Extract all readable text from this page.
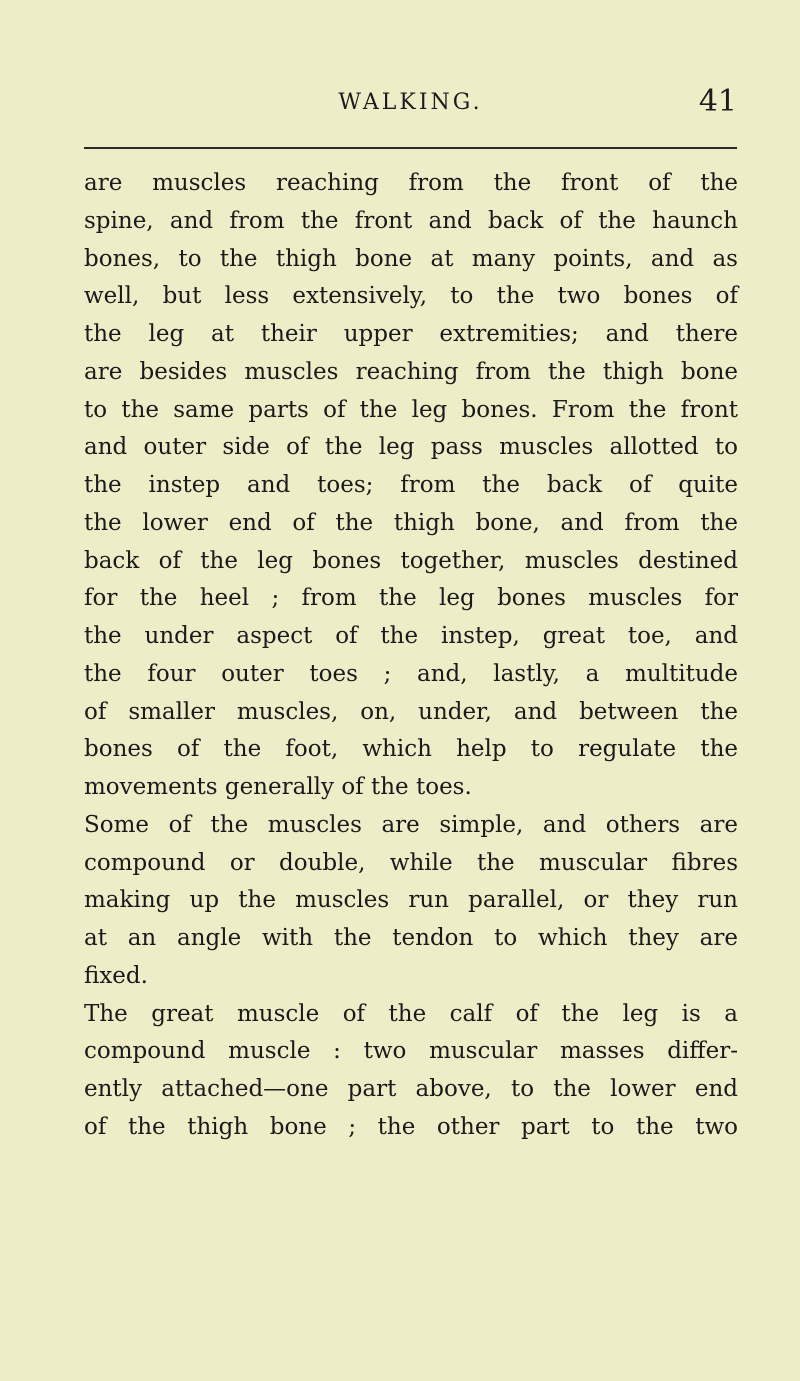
WALKING.	41
are muscles reaching from the front of the
spine, and from the front and back of the haunch
bones, to the thigh bone at many points, and as
well, but less extensively, to the two bones of
the leg at their upper extremities; and there
are besides muscles reaching from the thigh bone
to the same parts of the leg bones. From the front
and outer side of the leg pass muscles allotted to
the instep and toes; from the back of quite
the lower end of the thigh bone, and from the
back of the leg bones together, muscles destined
for the heel ; from the leg bones muscles for
the under aspect of the instep, great toe, and
the four outer toes ; and, lastly, a multitude
of smaller muscles, on, under, and between the
bones of the foot, which help to regulate the
movements generally of the toes.
Some of the muscles are simple, and others are
compound or double, while the muscular fibres
making up the muscles run parallel, or they run
at an angle with the tendon to which they are
fixed.
The great muscle of the calf of the leg is a
compound muscle : two muscular masses differ-
ently attached—one part above, to the lower end
of the thigh bone ; the other part to the two
